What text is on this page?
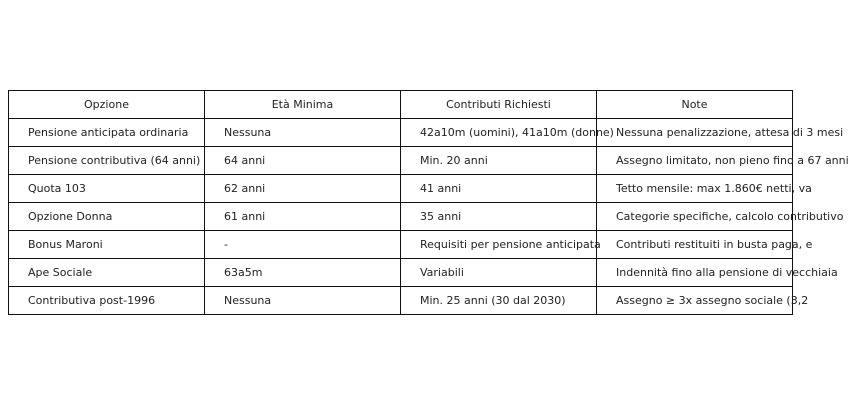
Opzione	Età Minima	Contributi Richiesti	Note
Pensione anticipata ordinaria	Nessuna	42a10m (uomini), 41a10m (donne)	Nessuna penalizzazione, attesa di 3 mesi
Pensione contributiva (64 anni)	64 anni	Min. 20 anni	Assegno limitato, non pieno fino a 67 anni
Quota 103	62 anni	41 anni	Tetto mensile: max 1.860€ netti, va
Opzione Donna	61 anni	35 anni	Categorie specifiche, calcolo contributivo
Bonus Maroni	-	Requisiti per pensione anticipata	Contributi restituiti in busta paga, e
Ape Sociale	63a5m	Variabili	Indennità fino alla pensione di vecchiaia
Contributiva post-1996	Nessuna	Min. 25 anni (30 dal 2030)	Assegno ≥ 3x assegno sociale (3,2
